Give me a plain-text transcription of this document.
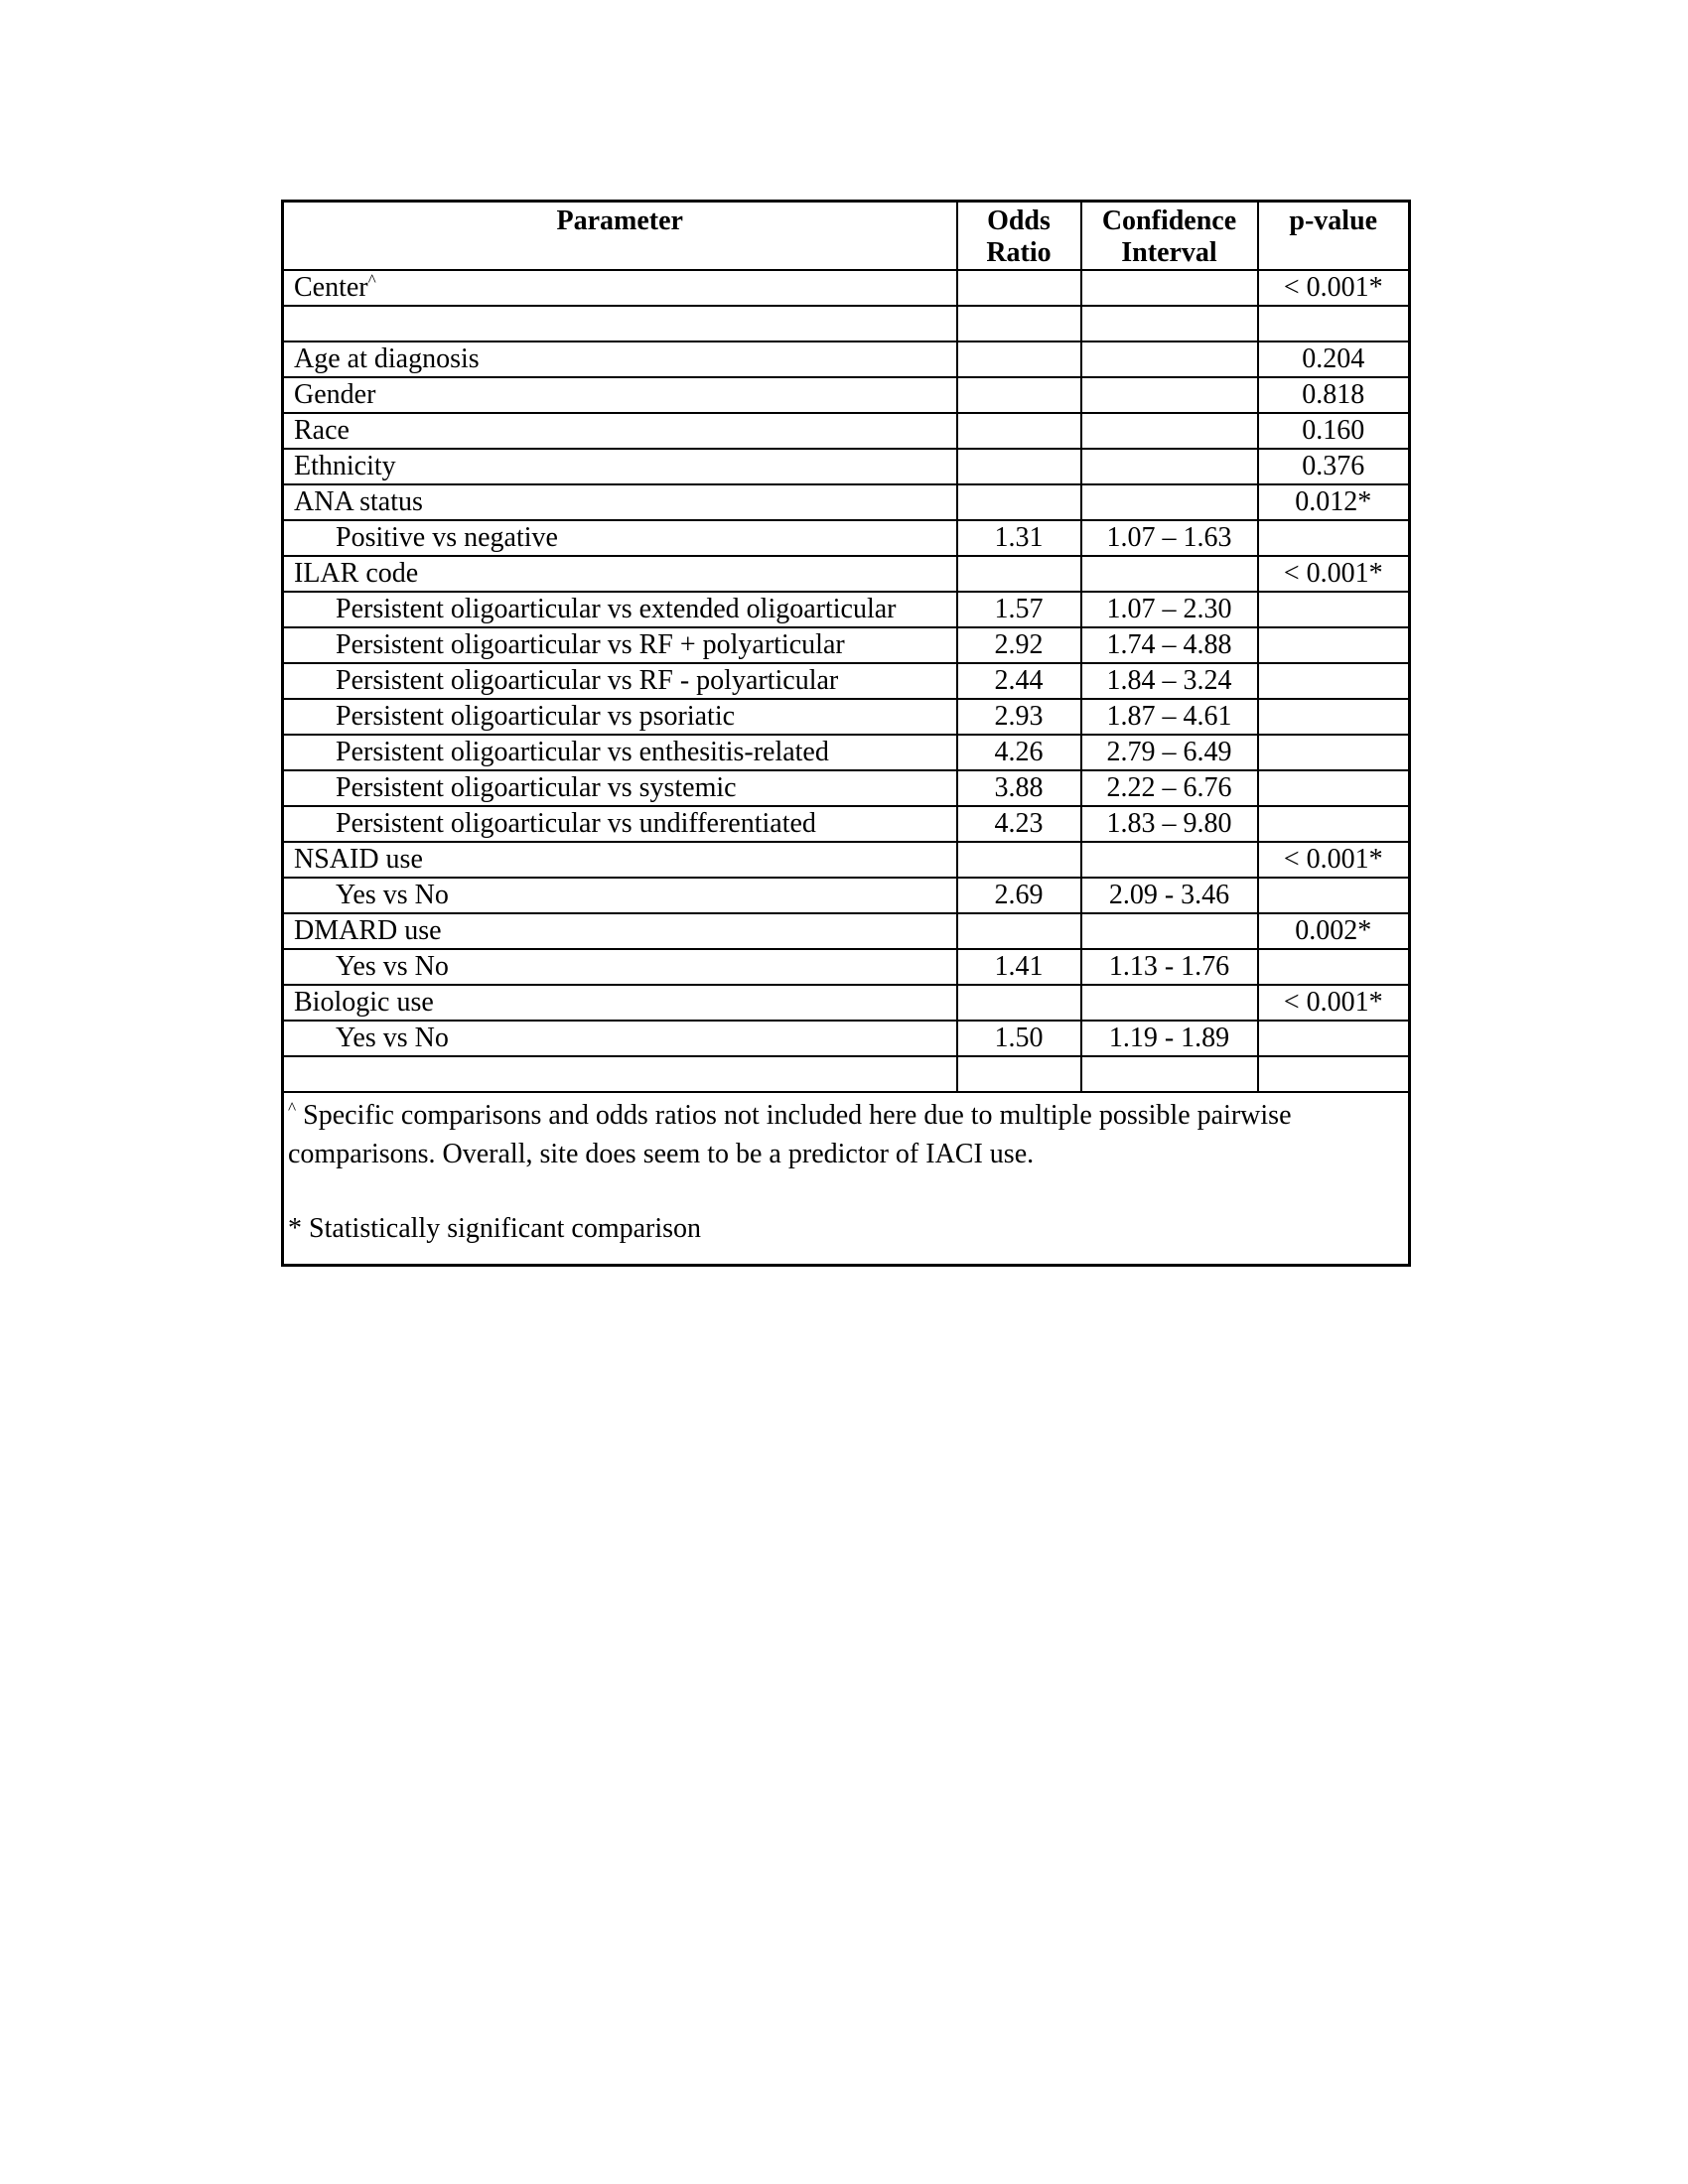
Parameter	Odds Ratio	Confidence Interval	p-value
Center^			< 0.001*

Age at diagnosis			0.204
Gender			0.818
Race			0.160
Ethnicity			0.376
ANA status			0.012*
Positive vs negative	1.31	1.07 – 1.63	
ILAR code			< 0.001*
Persistent oligoarticular vs extended oligoarticular	1.57	1.07 – 2.30	
Persistent oligoarticular vs RF + polyarticular	2.92	1.74 – 4.88	
Persistent oligoarticular vs RF - polyarticular	2.44	1.84 – 3.24	
Persistent oligoarticular vs psoriatic	2.93	1.87 – 4.61	
Persistent oligoarticular vs enthesitis-related	4.26	2.79 – 6.49	
Persistent oligoarticular vs systemic	3.88	2.22 – 6.76	
Persistent oligoarticular vs undifferentiated	4.23	1.83 – 9.80	
NSAID use			< 0.001*
Yes vs No	2.69	2.09 - 3.46	
DMARD use			0.002*
Yes vs No	1.41	1.13 - 1.76	
Biologic use			< 0.001*
Yes vs No	1.50	1.19 - 1.89	

^ Specific comparisons and odds ratios not included here due to multiple possible pairwise comparisons. Overall, site does seem to be a predictor of IACI use.

* Statistically significant comparison			
